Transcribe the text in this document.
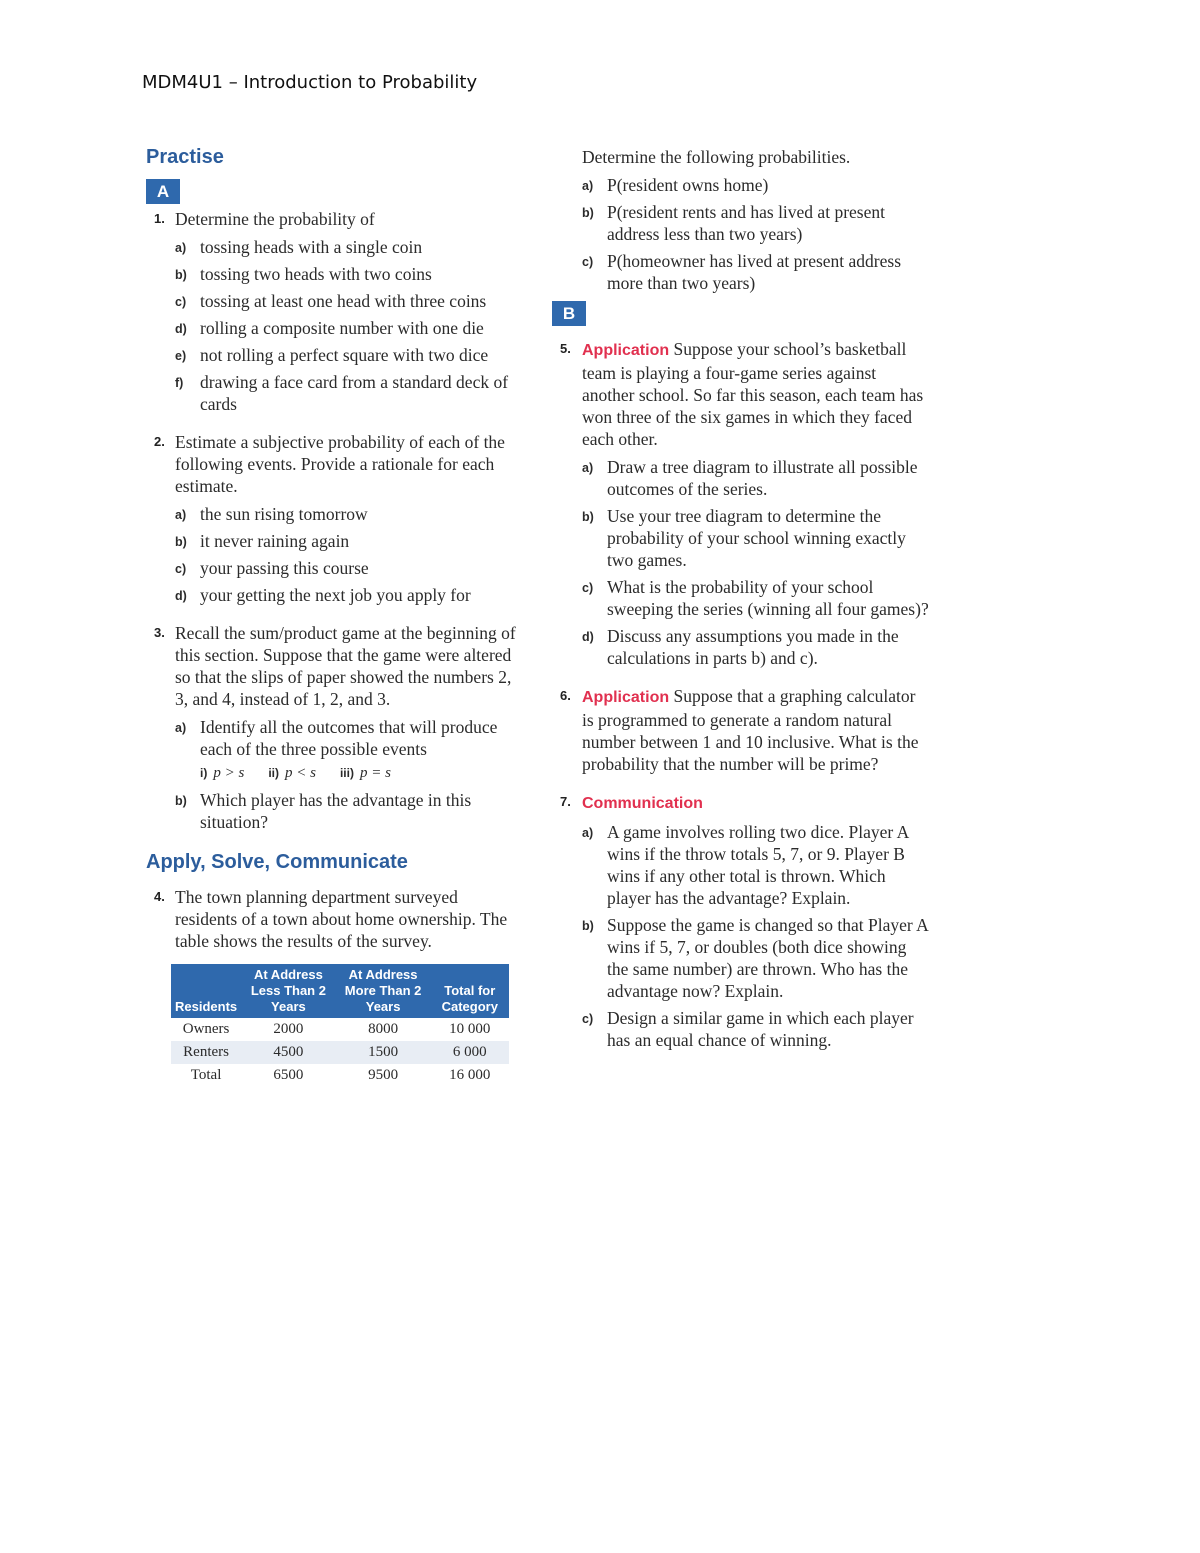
MDM4U1 – Introduction to Probability
Practise
A
1. Determine the probability of
a) tossing heads with a single coin
b) tossing two heads with two coins
c) tossing at least one head with three coins
d) rolling a composite number with one die
e) not rolling a perfect square with two dice
f) drawing a face card from a standard deck of cards
2. Estimate a subjective probability of each of the following events. Provide a rationale for each estimate.
a) the sun rising tomorrow
b) it never raining again
c) your passing this course
d) your getting the next job you apply for
3. Recall the sum/product game at the beginning of this section. Suppose that the game were altered so that the slips of paper showed the numbers 2, 3, and 4, instead of 1, 2, and 3.
a) Identify all the outcomes that will produce each of the three possible events
i) p > s ii) p < s iii) p = s
b) Which player has the advantage in this situation?
Apply, Solve, Communicate
4. The town planning department surveyed residents of a town about home ownership. The table shows the results of the survey.
Residents	At Address Less Than 2 Years	At Address More Than 2 Years	Total for Category
Owners	2000	8000	10 000
Renters	4500	1500	6 000
Total	6500	9500	16 000
Determine the following probabilities.
a) P(resident owns home)
b) P(resident rents and has lived at present address less than two years)
c) P(homeowner has lived at present address more than two years)
B
5. Application Suppose your school’s basketball team is playing a four-game series against another school. So far this season, each team has won three of the six games in which they faced each other.
a) Draw a tree diagram to illustrate all possible outcomes of the series.
b) Use your tree diagram to determine the probability of your school winning exactly two games.
c) What is the probability of your school sweeping the series (winning all four games)?
d) Discuss any assumptions you made in the calculations in parts b) and c).
6. Application Suppose that a graphing calculator is programmed to generate a random natural number between 1 and 10 inclusive. What is the probability that the number will be prime?
7. Communication
a) A game involves rolling two dice. Player A wins if the throw totals 5, 7, or 9. Player B wins if any other total is thrown. Which player has the advantage? Explain.
b) Suppose the game is changed so that Player A wins if 5, 7, or doubles (both dice showing the same number) are thrown. Who has the advantage now? Explain.
c) Design a similar game in which each player has an equal chance of winning.
